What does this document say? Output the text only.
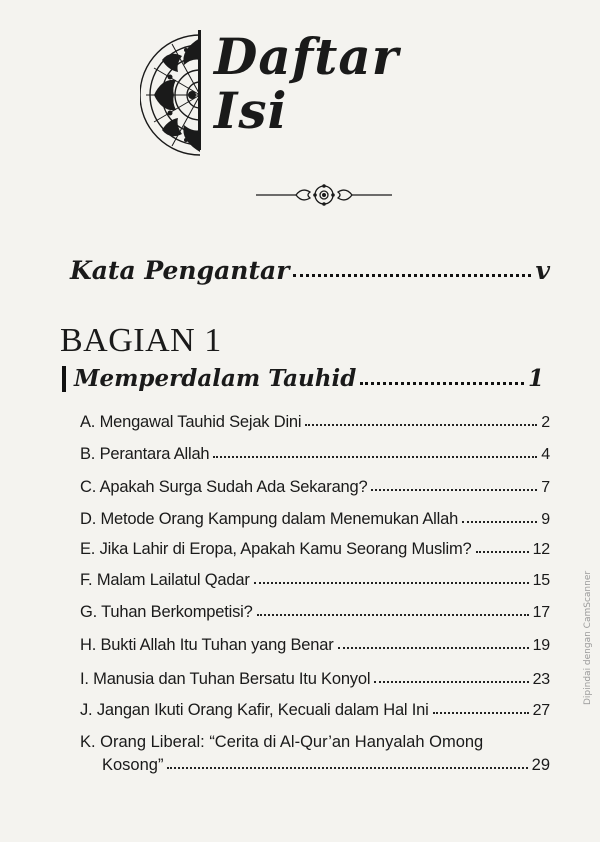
Daftar
Isi
Kata Pengantar	v
BAGIAN 1
Memperdalam Tauhid	1
A. Mengawal Tauhid Sejak Dini	2
B. Perantara Allah	4
C. Apakah Surga Sudah Ada Sekarang?	7
D. Metode Orang Kampung dalam Menemukan Allah	9
E. Jika Lahir di Eropa, Apakah Kamu Seorang Muslim?	12
F. Malam Lailatul Qadar	15
G. Tuhan Berkompetisi?	17
H. Bukti Allah Itu Tuhan yang Benar	19
I. Manusia dan Tuhan Bersatu Itu Konyol	23
J. Jangan Ikuti Orang Kafir, Kecuali dalam Hal Ini	27
K. Orang Liberal: “Cerita di Al-Qur’an Hanyalah Omong
Kosong”	29
Dipindai dengan CamScanner
